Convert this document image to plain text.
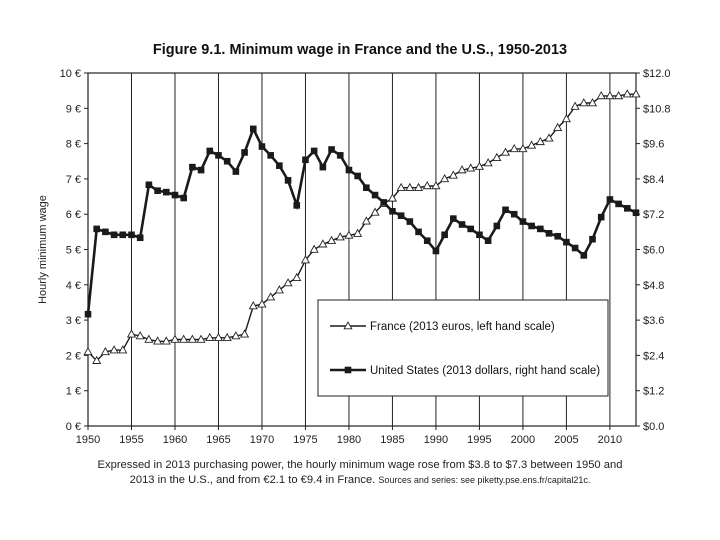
Figure 9.1. Minimum wage in France and the U.S., 1950-2013
1950 1955 1960 1965 1970 1975 1980 1985 1990 1995 2000 2005 2010
0 €
1 €
2 €
3 €
4 €
5 €
6 €
7 €
8 €
9 €
10 €
$0.0
$1.2
$2.4
$3.6
$4.8
$6.0
$7.2
$8.4
$9.6
$10.8
$12.0
Hourly minimum wage
France (2013 euros, left hand scale)
United States (2013 dollars, right hand scale)
Expressed in 2013 purchasing power, the hourly minimum wage rose from $3.8 to $7.3 between 1950 and
2013 in the U.S., and from €2.1 to €9.4 in France. Sources and series: see piketty.pse.ens.fr/capital21c.
